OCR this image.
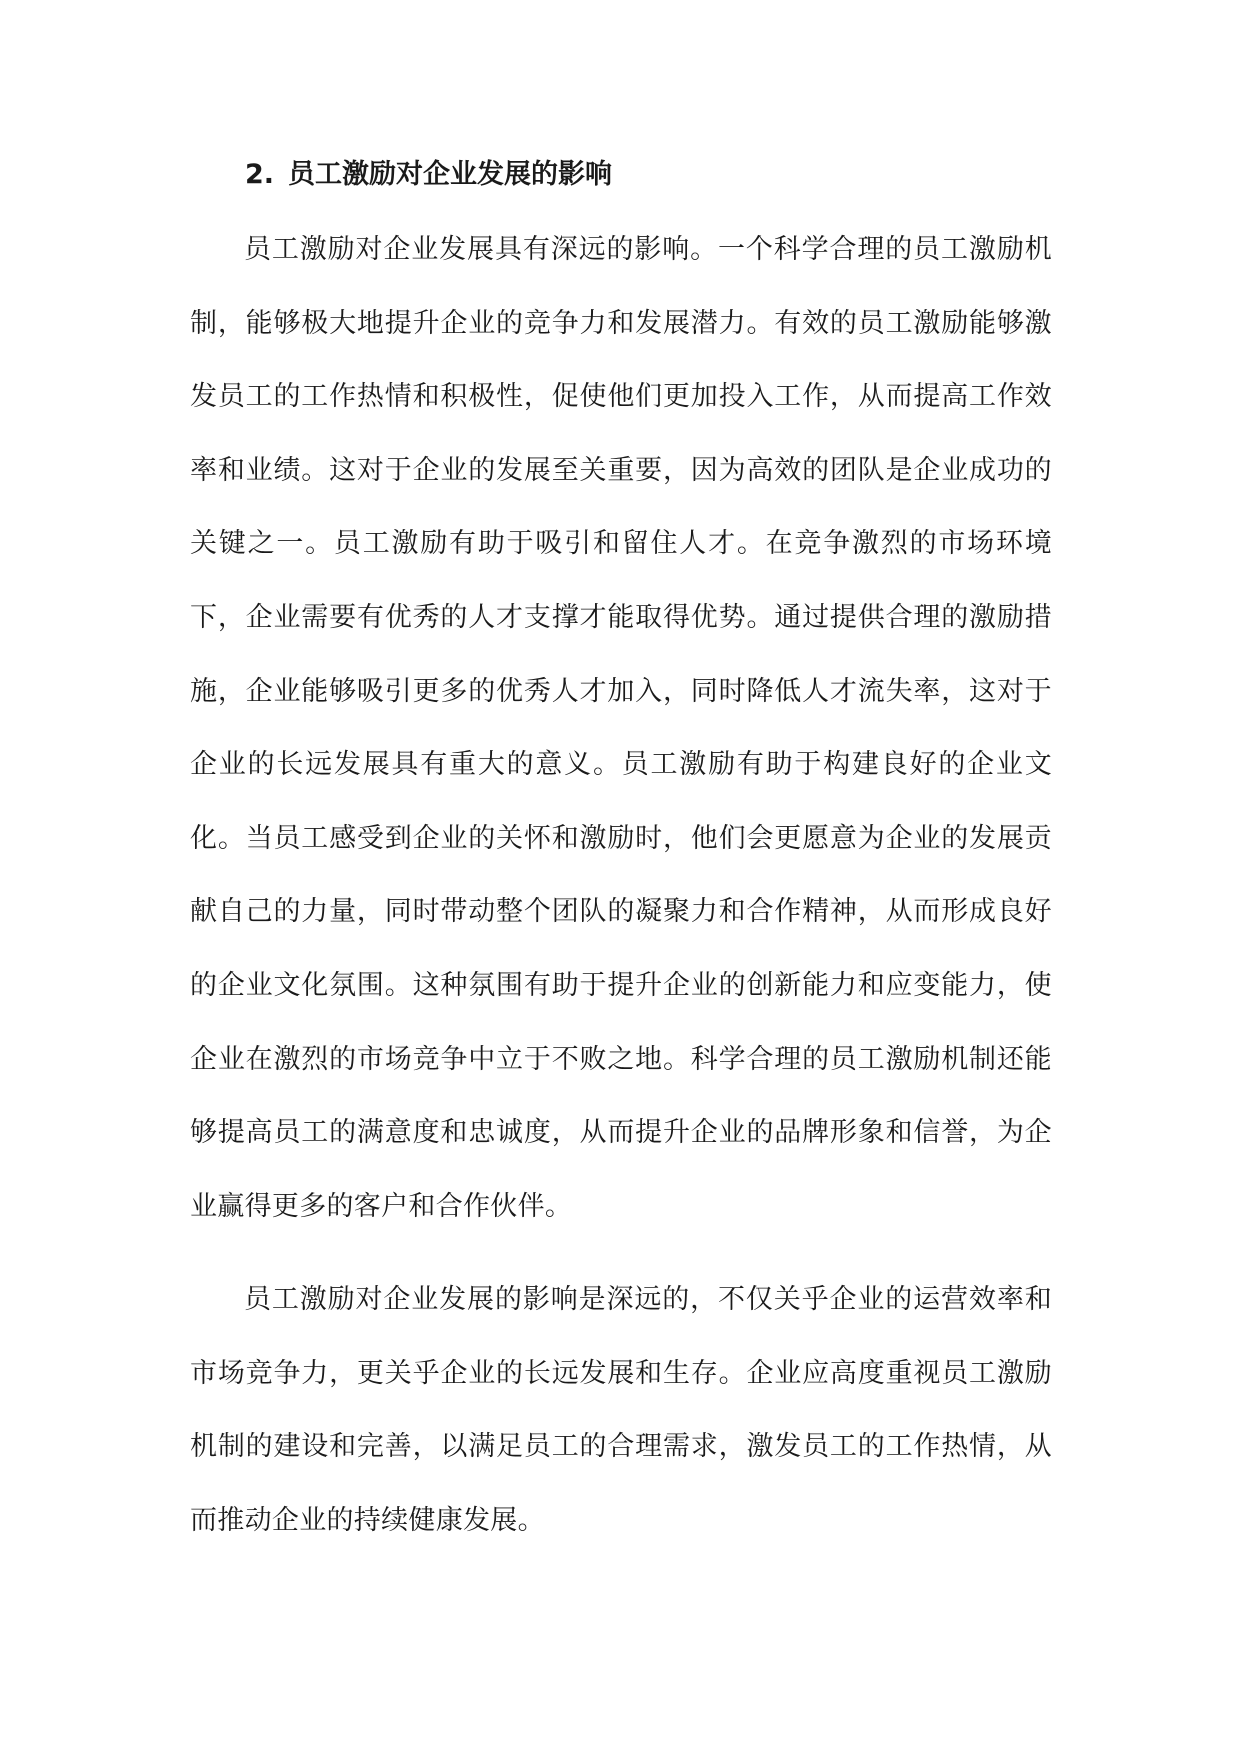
2. 员工激励对企业发展的影响

员工激励对企业发展具有深远的影响。一个科学合理的员工激励机制，能够极大地提升企业的竞争力和发展潜力。有效的员工激励能够激发员工的工作热情和积极性，促使他们更加投入工作，从而提高工作效率和业绩。这对于企业的发展至关重要，因为高效的团队是企业成功的关键之一。员工激励有助于吸引和留住人才。在竞争激烈的市场环境下，企业需要有优秀的人才支撑才能取得优势。通过提供合理的激励措施，企业能够吸引更多的优秀人才加入，同时降低人才流失率，这对于企业的长远发展具有重大的意义。员工激励有助于构建良好的企业文化。当员工感受到企业的关怀和激励时，他们会更愿意为企业的发展贡献自己的力量，同时带动整个团队的凝聚力和合作精神，从而形成良好的企业文化氛围。这种氛围有助于提升企业的创新能力和应变能力，使企业在激烈的市场竞争中立于不败之地。科学合理的员工激励机制还能够提高员工的满意度和忠诚度，从而提升企业的品牌形象和信誉，为企业赢得更多的客户和合作伙伴。

员工激励对企业发展的影响是深远的，不仅关乎企业的运营效率和市场竞争力，更关乎企业的长远发展和生存。企业应高度重视员工激励机制的建设和完善，以满足员工的合理需求，激发员工的工作热情，从而推动企业的持续健康发展。
